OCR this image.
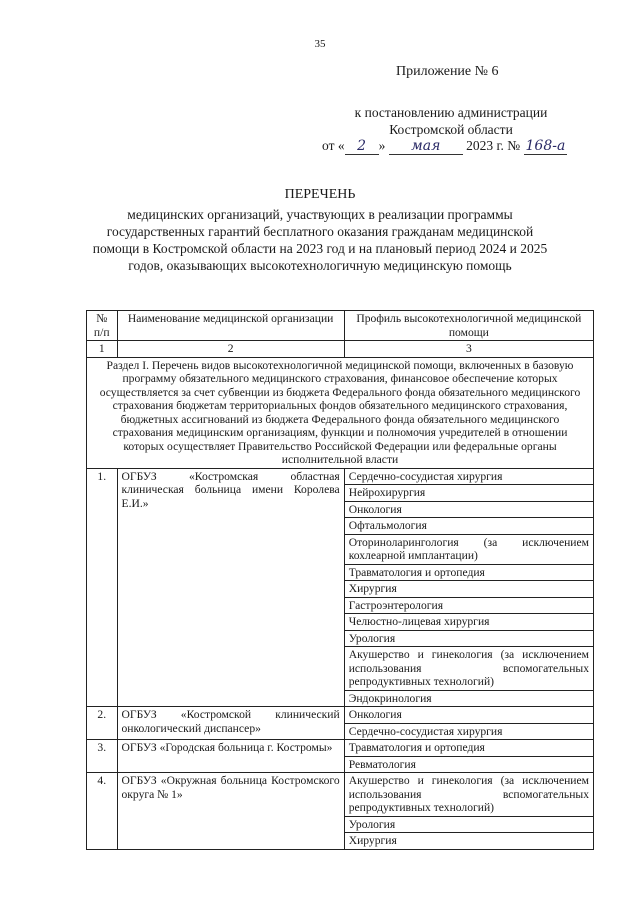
35
Приложение № 6
к постановлению администрации
Костромской области
от « 2 » мая 2023 г. № 168-а
ПЕРЕЧЕНЬ
медицинских организаций, участвующих в реализации программы государственных гарантий бесплатного оказания гражданам медицинской помощи в Костромской области на 2023 год и на плановый период 2024 и 2025 годов, оказывающих высокотехнологичную медицинскую помощь
№ п/п	Наименование медицинской организации	Профиль высокотехнологичной медицинской помощи
1	2	3
Раздел I. Перечень видов высокотехнологичной медицинской помощи, включенных в базовую программу обязательного медицинского страхования, финансовое обеспечение которых осуществляется за счет субвенции из бюджета Федерального фонда обязательного медицинского страхования бюджетам территориальных фондов обязательного медицинского страхования, бюджетных ассигнований из бюджета Федерального фонда обязательного медицинского страхования медицинским организациям, функции и полномочия учредителей в отношении которых осуществляет Правительство Российской Федерации или федеральные органы исполнительной власти		
1.	ОГБУЗ «Костромская областная клиническая больница имени Королева Е.И.»	Сердечно-сосудистая хирургия
		Нейрохирургия
		Онкология
		Офтальмология
		Оториноларингология (за исключением кохлеарной имплантации)
		Травматология и ортопедия
		Хирургия
		Гастроэнтерология
		Челюстно-лицевая хирургия
		Урология
		Акушерство и гинекология (за исключением использования вспомогательных репродуктивных технологий)
		Эндокринология
2.	ОГБУЗ «Костромской клинический онкологический диспансер»	Онкология
		Сердечно-сосудистая хирургия
3.	ОГБУЗ «Городская больница г. Костромы»	Травматология и ортопедия
		Ревматология
4.	ОГБУЗ «Окружная больница Костромского округа № 1»	Акушерство и гинекология (за исключением использования вспомогательных репродуктивных технологий)
		Урология
		Хирургия
